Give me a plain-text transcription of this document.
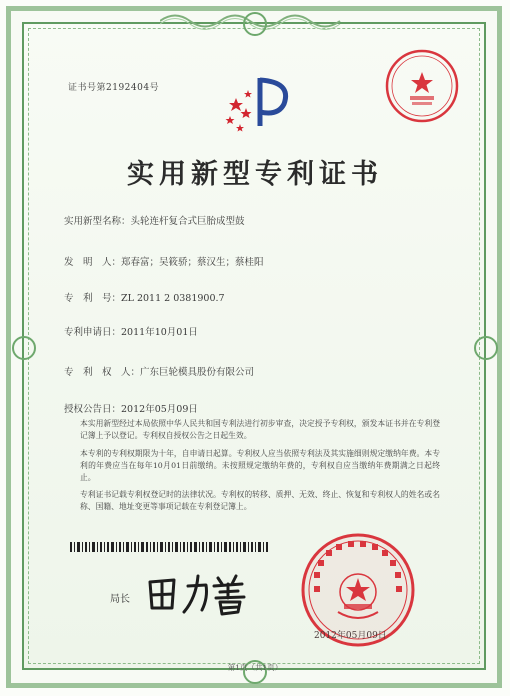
证书号第2192404号
实用新型专利证书
实用新型名称：头轮连杆复合式巨胎成型鼓
发　明　人：郑春富；吴筱骄；蔡汉生；蔡桂阳
专　利　号：ZL 2011 2 0381900.7
专利申请日：2011年10月01日
专　利　权　人：广东巨轮模具股份有限公司
授权公告日：2012年05月09日
本实用新型经过本局依照中华人民共和国专利法进行初步审查，决定授予专利权，颁发本证书并在专利登记簿上予以登记。专利权自授权公告之日起生效。
本专利的专利权期限为十年，自申请日起算。专利权人应当依照专利法及其实施细则规定缴纳年费。本专利的年费应当在每年10月01日前缴纳。未按照规定缴纳年费的，专利权自应当缴纳年费期满之日起终止。
专利证书记载专利权登记时的法律状况。专利权的转移、质押、无效、终止、恢复和专利权人的姓名或名称、国籍、地址变更等事项记载在专利登记簿上。
局长
2012年05月09日
第1页（共1页）
